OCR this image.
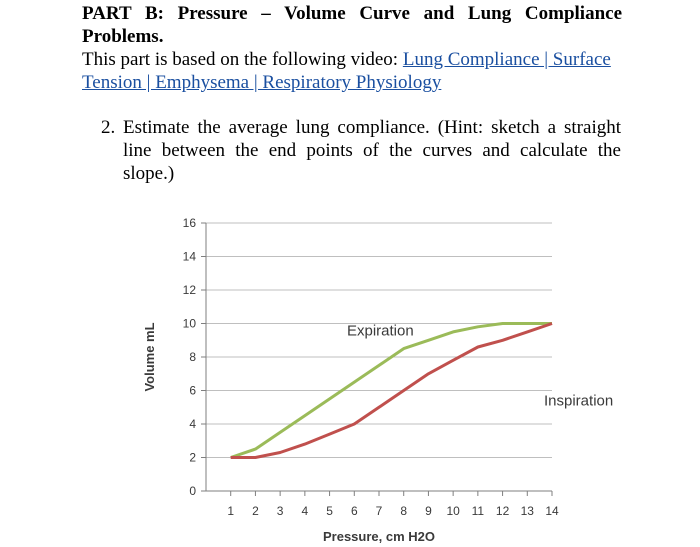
PART B: Pressure – Volume Curve and Lung Compliance Problems.

This part is based on the following video: Lung Compliance | Surface Tension | Emphysema | Respiratory Physiology

2. Estimate the average lung compliance. (Hint: sketch a straight line between the end points of the curves and calculate the slope.)
0
2
4
6
8
10
12
14
16
1 2 3 4 5 6 7 8 9 10 11 12 13 14
Expiration
Inspiration
Pressure, cm H2O
Volume mL
